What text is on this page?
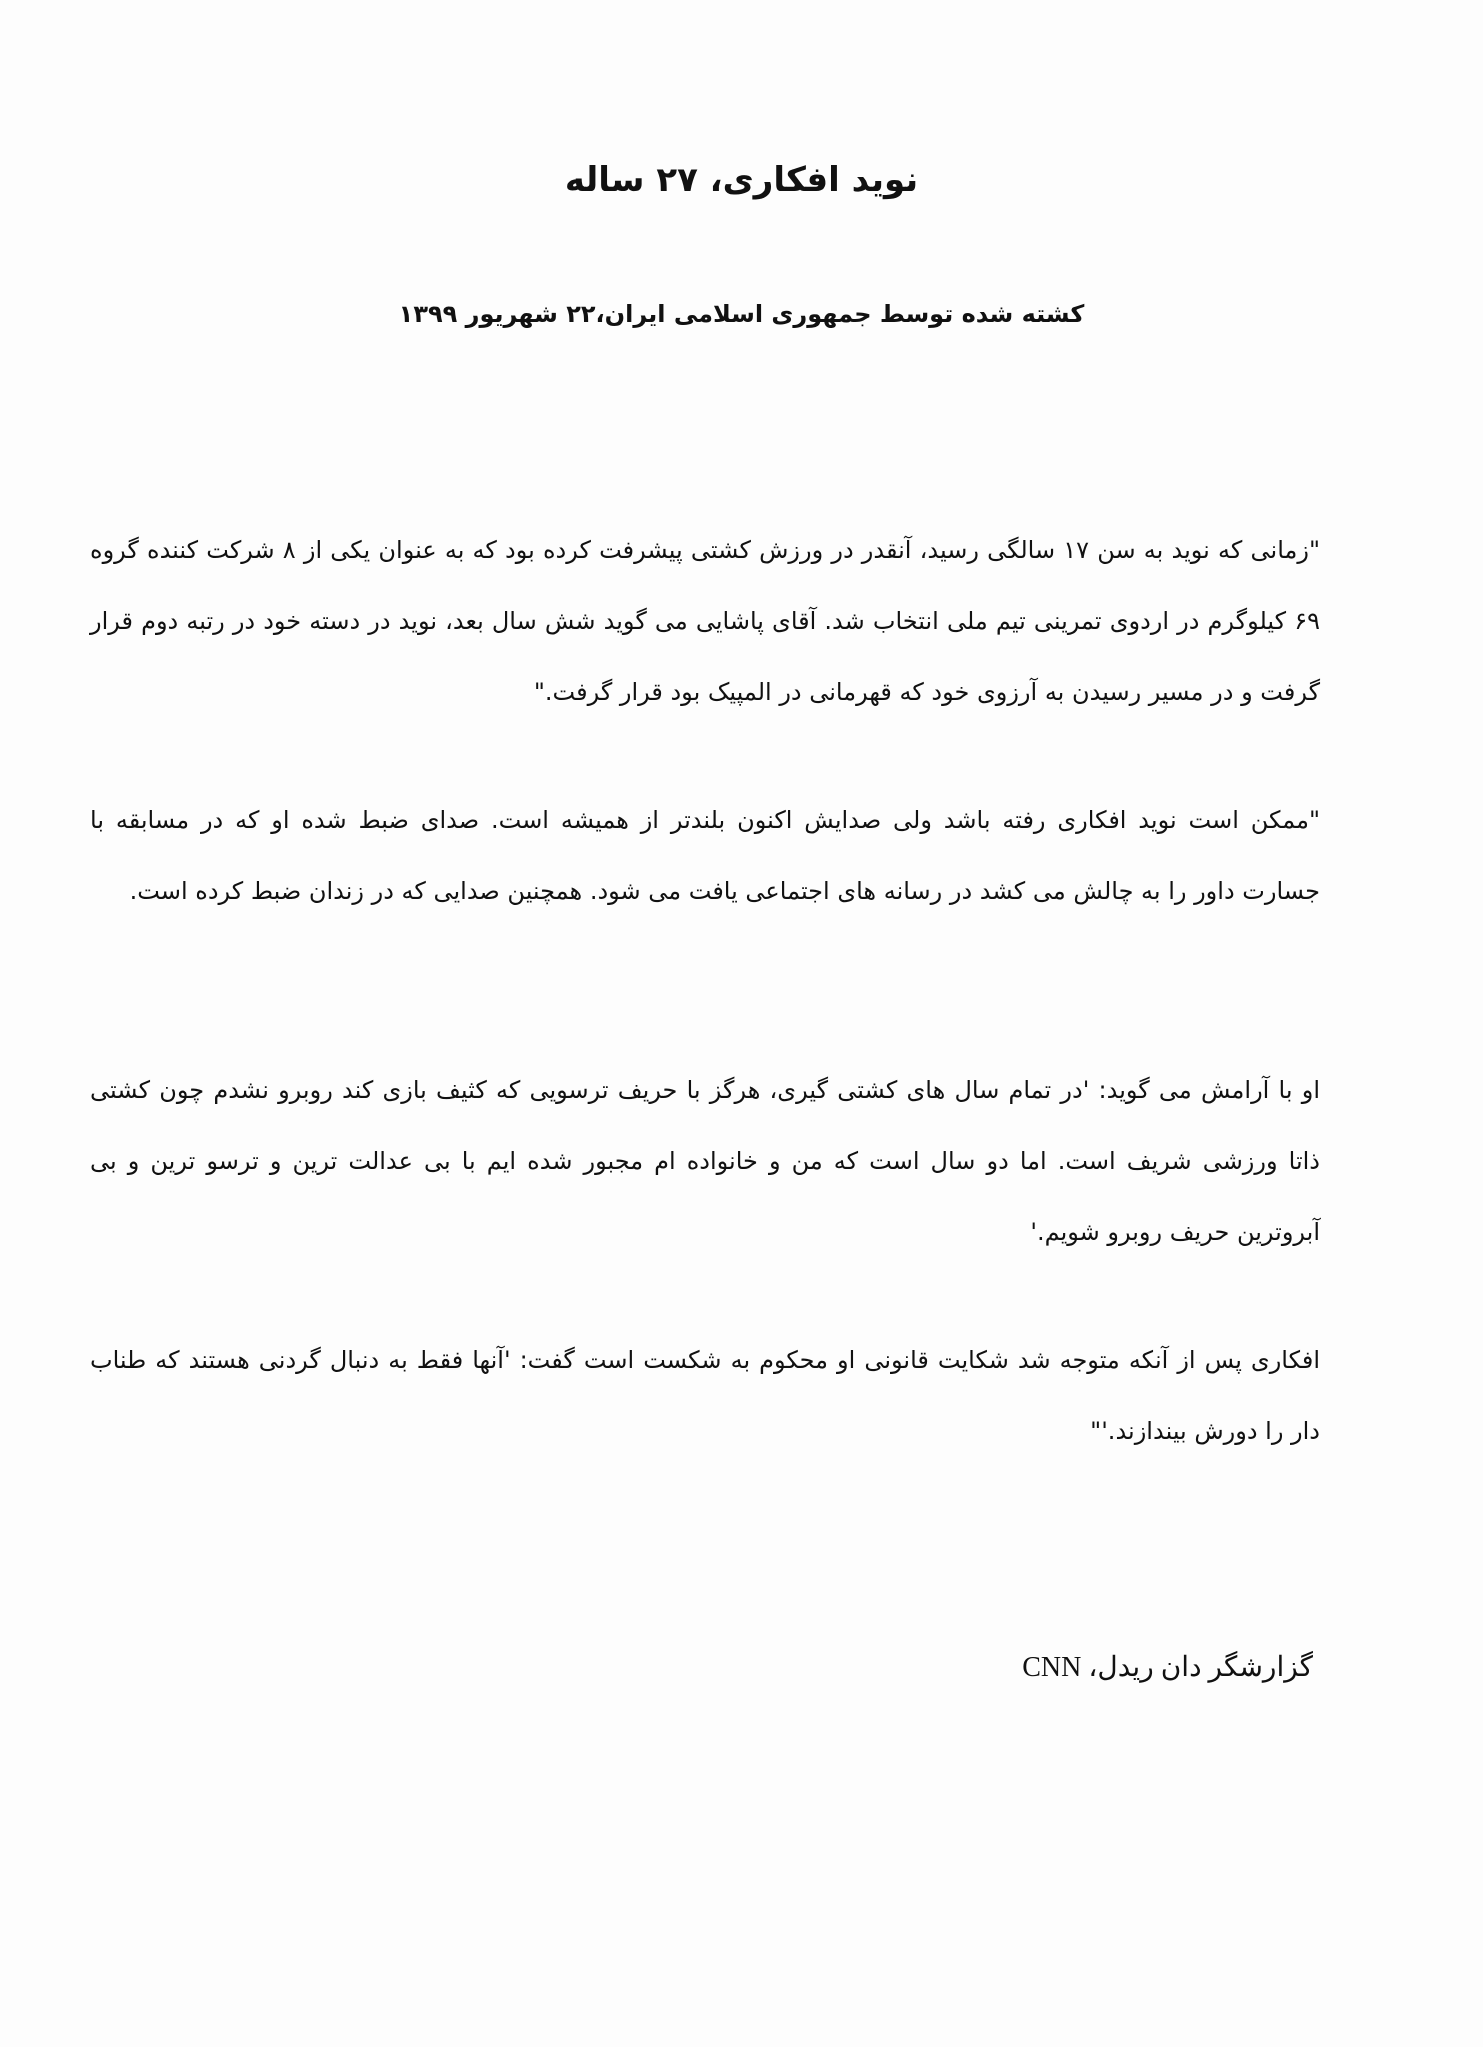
نوید افکاری، ۲۷ ساله
کشته شده توسط جمهوری اسلامی ایران،۲۲ شهریور ۱۳۹۹
"زمانی که نوید به سن ۱۷ سالگی رسید، آنقدر در ورزش کشتی پیشرفت کرده بود که به عنوان یکی از ۸ شرکت کننده گروه ۶۹ کیلوگرم در اردوی تمرینی تیم ملی انتخاب شد. آقای پاشایی می گوید شش سال بعد، نوید در دسته خود در رتبه دوم قرار گرفت و در مسیر رسیدن به آرزوی خود که قهرمانی در المپیک بود قرار گرفت."
"ممکن است نوید افکاری رفته باشد ولی صدایش اکنون بلندتر از همیشه است. صدای ضبط شده او که در مسابقه با جسارت داور را به چالش می کشد در رسانه های اجتماعی یافت می شود. همچنین صدایی که در زندان ضبط کرده است.
او با آرامش می گوید: 'در تمام سال های کشتی گیری، هرگز با حریف ترسویی که کثیف بازی کند روبرو نشدم چون کشتی ذاتا ورزشی شریف است. اما دو سال است که من و خانواده ام مجبور شده ایم با بی عدالت ترین و ترسو ترین و بی آبروترین حریف روبرو شویم.'
افکاری پس از آنکه متوجه شد شکایت قانونی او محکوم به شکست است گفت: 'آنها فقط به دنبال گردنی هستند که طناب دار را دورش بیندازند.'"
گزارشگر دان ریدل، CNN
